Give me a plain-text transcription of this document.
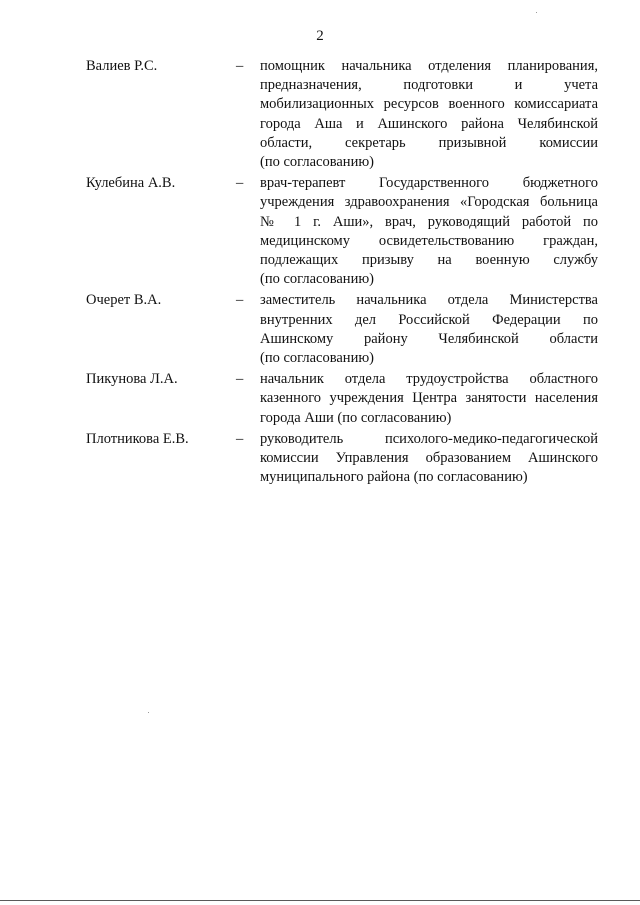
2
Валиев Р.С.	–	помощник начальника отделения планирования,
предназначения, подготовки и учета
мобилизационных ресурсов военного комиссариата
города Аша и Ашинского района Челябинской
области, секретарь призывной комиссии
(по согласованию)
Кулебина А.В.	–	врач-терапевт Государственного бюджетного
учреждения здравоохранения «Городская больница
№ 1 г. Аши», врач, руководящий работой по
медицинскому освидетельствованию граждан,
подлежащих призыву на военную службу
(по согласованию)
Очерет В.А.	–	заместитель начальника отдела Министерства
внутренних дел Российской Федерации по
Ашинскому району Челябинской области
(по согласованию)
Пикунова Л.А.	–	начальник отдела трудоустройства областного
казенного учреждения Центра занятости населения
города Аши (по согласованию)
Плотникова Е.В.	–	руководитель психолого-медико-педагогической
комиссии Управления образованием Ашинского
муниципального района (по согласованию)
